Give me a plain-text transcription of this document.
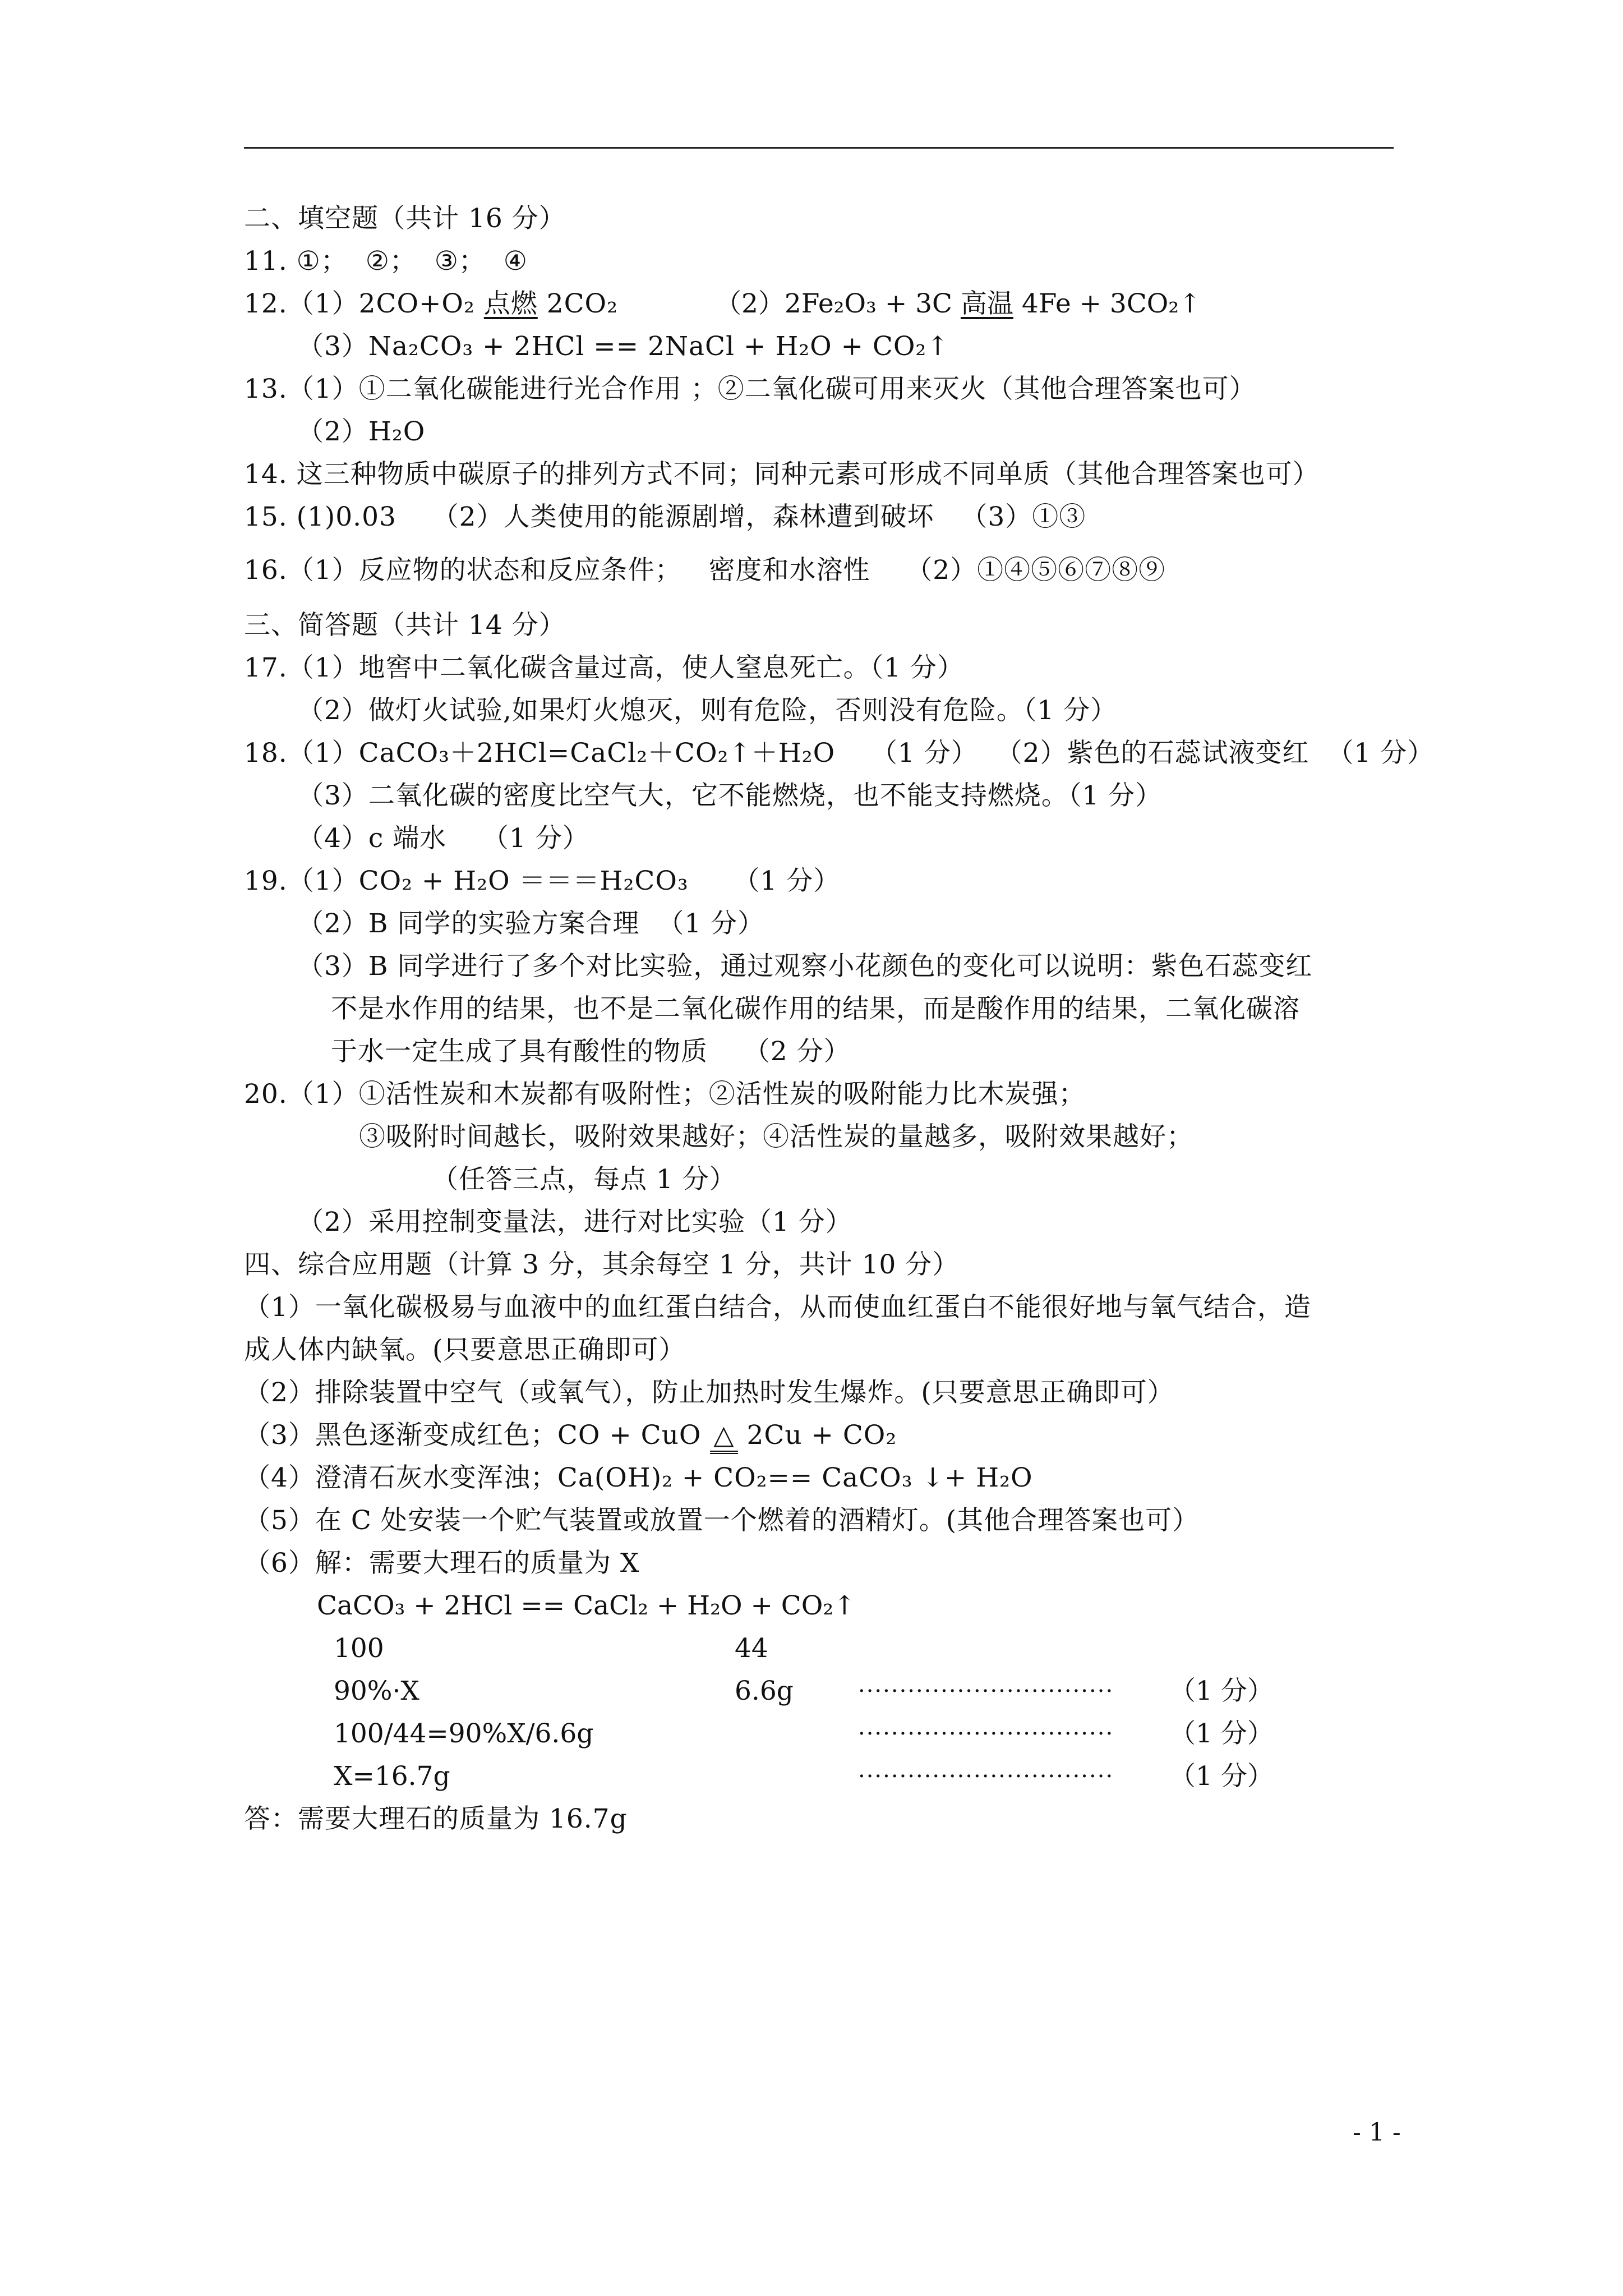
二、填空题（共计 16 分）
11. ①；  ②；  ③；  ④
12.（1）2CO+O₂ 点燃 2CO₂	（2）2Fe₂O₃ + 3C 高温 4Fe + 3CO₂↑
（3）Na₂CO₃ + 2HCl == 2NaCl + H₂O + CO₂↑
13.（1）①二氧化碳能进行光合作用 ；②二氧化碳可用来灭火（其他合理答案也可）
（2）H₂O
14. 这三种物质中碳原子的排列方式不同；同种元素可形成不同单质（其他合理答案也可）
15. (1)0.03    （2）人类使用的能源剧增，森林遭到破坏   （3）①③
16.（1）反应物的状态和反应条件；   密度和水溶性    （2）①④⑤⑥⑦⑧⑨
三、简答题（共计 14 分）
17.（1）地窖中二氧化碳含量过高，使人窒息死亡。（1 分）
（2）做灯火试验,如果灯火熄灭，则有危险，否则没有危险。（1 分）
18.（1）CaCO₃＋2HCl=CaCl₂＋CO₂↑＋H₂O    （1 分）  （2）紫色的石蕊试液变红  （1 分）
（3）二氧化碳的密度比空气大，它不能燃烧，也不能支持燃烧。（1 分）
（4）c 端水    （1 分）
19.（1）CO₂ + H₂O ＝＝＝H₂CO₃     （1 分）
（2）B 同学的实验方案合理  （1 分）
（3）B 同学进行了多个对比实验，通过观察小花颜色的变化可以说明：紫色石蕊变红
不是水作用的结果，也不是二氧化碳作用的结果，而是酸作用的结果，二氧化碳溶
于水一定生成了具有酸性的物质    （2 分）
20.（1）①活性炭和木炭都有吸附性；②活性炭的吸附能力比木炭强；
③吸附时间越长，吸附效果越好；④活性炭的量越多，吸附效果越好；
（任答三点，每点 1 分）
（2）采用控制变量法，进行对比实验（1 分）
四、综合应用题（计算 3 分，其余每空 1 分，共计 10 分）
（1）一氧化碳极易与血液中的血红蛋白结合，从而使血红蛋白不能很好地与氧气结合，造
成人体内缺氧。(只要意思正确即可）
（2）排除装置中空气（或氧气），防止加热时发生爆炸。(只要意思正确即可）
（3）黑色逐渐变成红色；CO + CuO △ 2Cu + CO₂
（4）澄清石灰水变浑浊；Ca(OH)₂ + CO₂== CaCO₃ ↓+ H₂O
（5）在 C 处安装一个贮气装置或放置一个燃着的酒精灯。(其他合理答案也可）
（6）解：需要大理石的质量为 X
CaCO₃ + 2HCl == CaCl₂ + H₂O + CO₂↑
100	44
90%·X	6.6g	·······························	（1 分）
100/44=90%X/6.6g	·······························	（1 分）
X=16.7g	·······························	（1 分）
答：需要大理石的质量为 16.7g
- 1 -
